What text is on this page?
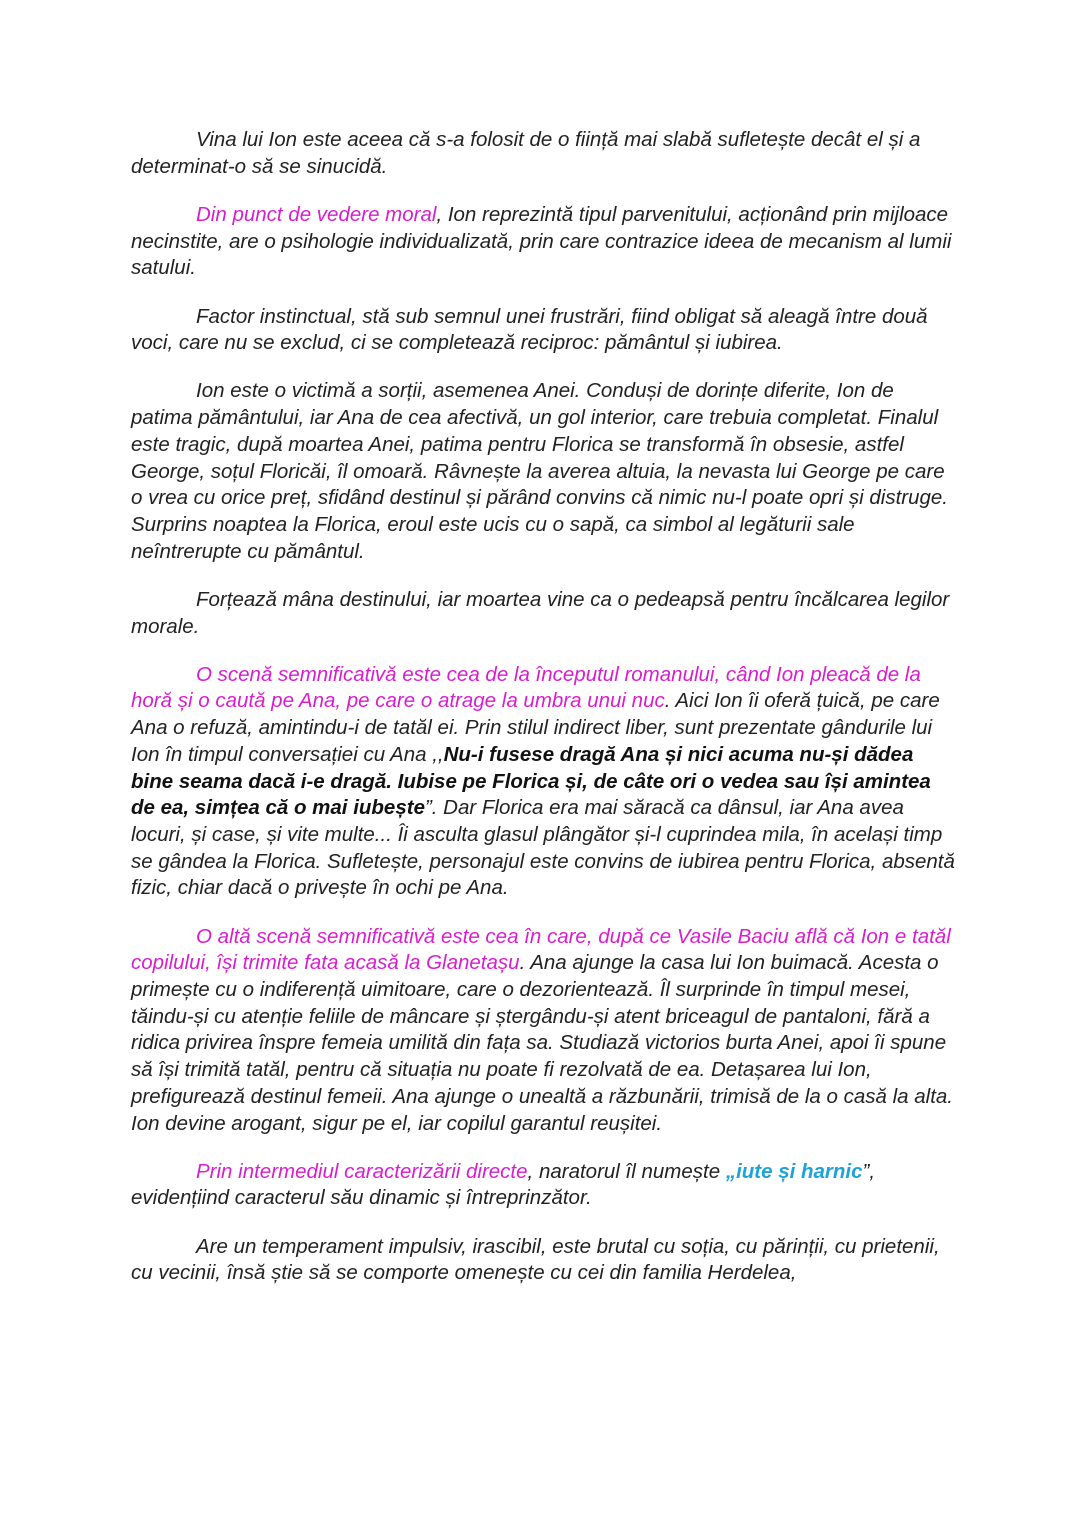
Vina lui Ion este aceea că s-a folosit de o ființă mai slabă sufletește decât el și a determinat-o să se sinucidă.

Din punct de vedere moral, Ion reprezintă tipul parvenitului, acționând prin mijloace necinstite, are o psihologie individualizată, prin care contrazice ideea de mecanism al lumii satului.

Factor instinctual, stă sub semnul unei frustrări, fiind obligat să aleagă între două voci, care nu se exclud, ci se completează reciproc: pământul și iubirea.

Ion este o victimă a sorții, asemenea Anei. Conduși de dorințe diferite, Ion de patima pământului, iar Ana de cea afectivă, un gol interior, care trebuia completat. Finalul este tragic, după moartea Anei, patima pentru Florica se transformă în obsesie, astfel George, soțul Floricăi, îl omoară. Râvnește la averea altuia, la nevasta lui George pe care o vrea cu orice preț, sfidând destinul și părând convins că nimic nu-l poate opri și distruge. Surprins noaptea la Florica, eroul este ucis cu o sapă, ca simbol al legăturii sale neîntrerupte cu pământul.

Forțează mâna destinului, iar moartea vine ca o pedeapsă pentru încălcarea legilor morale.

O scenă semnificativă este cea de la începutul romanului, când Ion pleacă de la horă și o caută pe Ana, pe care o atrage la umbra unui nuc. Aici Ion îi oferă țuică, pe care Ana o refuză, amintindu-i de tatăl ei. Prin stilul indirect liber, sunt prezentate gândurile lui Ion în timpul conversației cu Ana ,,Nu-i fusese dragă Ana și nici acuma nu-și dădea bine seama dacă i-e dragă. Iubise pe Florica și, de câte ori o vedea sau își amintea de ea, simțea că o mai iubește”. Dar Florica era mai săracă ca dânsul, iar Ana avea locuri, și case, și vite multe... Îi asculta glasul plângător și-l cuprindea mila, în același timp se gândea la Florica. Sufletește, personajul este convins de iubirea pentru Florica, absentă fizic, chiar dacă o privește în ochi pe Ana.

O altă scenă semnificativă este cea în care, după ce Vasile Baciu află că Ion e tatăl copilului, își trimite fata acasă la Glanetașu. Ana ajunge la casa lui Ion buimacă. Acesta o primește cu o indiferență uimitoare, care o dezorientează. Îl surprinde în timpul mesei, tăindu-și cu atenție feliile de mâncare și ștergându-și atent briceagul de pantaloni, fără a ridica privirea înspre femeia umilită din fața sa. Studiază victorios burta Anei, apoi îi spune să își trimită tatăl, pentru că situația nu poate fi rezolvată de ea. Detașarea lui Ion, prefigurează destinul femeii. Ana ajunge o unealtă a răzbunării, trimisă de la o casă la alta. Ion devine arogant, sigur pe el, iar copilul garantul reușitei.

Prin intermediul caracterizării directe, naratorul îl numește „iute și harnic”, evidențiind caracterul său dinamic și întreprinzător.

Are un temperament impulsiv, irascibil, este brutal cu soția, cu părinții, cu prietenii, cu vecinii, însă știe să se comporte omenește cu cei din familia Herdelea,
